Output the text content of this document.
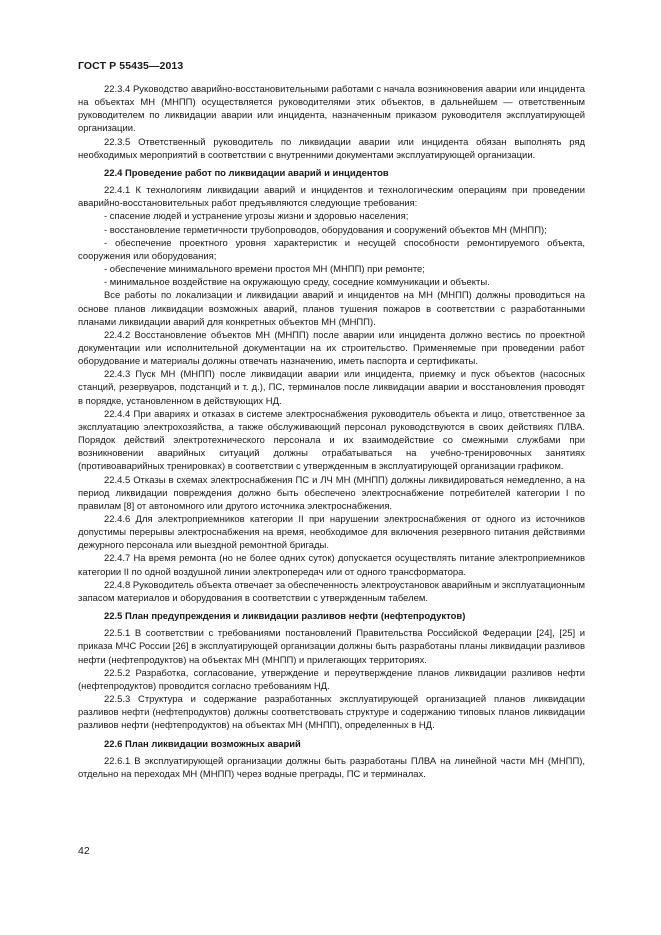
ГОСТ Р 55435—2013

22.3.4 Руководство аварийно-восстановительными работами с начала возникновения аварии или инцидента на объектах МН (МНПП) осуществляется руководителями этих объектов, в дальнейшем — ответственным руководителем по ликвидации аварии или инцидента, назначенным приказом руководителя эксплуатирующей организации.

22.3.5 Ответственный руководитель по ликвидации аварии или инцидента обязан выполнять ряд необходимых мероприятий в соответствии с внутренними документами эксплуатирующей организации.

22.4 Проведение работ по ликвидации аварий и инцидентов

22.4.1 К технологиям ликвидации аварий и инцидентов и технологическим операциям при проведении аварийно-восстановительных работ предъявляются следующие требования:

- спасение людей и устранение угрозы жизни и здоровью населения;

- восстановление герметичности трубопроводов, оборудования и сооружений объектов МН (МНПП);

- обеспечение проектного уровня характеристик и несущей способности ремонтируемого объекта, сооружения или оборудования;

- обеспечение минимального времени простоя МН (МНПП) при ремонте;

- минимальное воздействие на окружающую среду, соседние коммуникации и объекты.

Все работы по локализации и ликвидации аварий и инцидентов на МН (МНПП) должны проводиться на основе планов ликвидации возможных аварий, планов тушения пожаров в соответствии с разработанными планами ликвидации аварий для конкретных объектов МН (МНПП).

22.4.2 Восстановление объектов МН (МНПП) после аварии или инцидента должно вестись по проектной документации или исполнительной документации на их строительство. Применяемые при проведении работ оборудование и материалы должны отвечать назначению, иметь паспорта и сертификаты.

22.4.3 Пуск МН (МНПП) после ликвидации аварии или инцидента, приемку и пуск объектов (насосных станций, резервуаров, подстанций и т. д.), ПС, терминалов после ликвидации аварии и восстановления проводят в порядке, установленном в действующих НД.

22.4.4 При авариях и отказах в системе электроснабжения руководитель объекта и лицо, ответственное за эксплуатацию электрохозяйства, а также обслуживающий персонал руководствуются в своих действиях ПЛВА. Порядок действий электротехнического персонала и их взаимодействие со смежными службами при возникновении аварийных ситуаций должны отрабатываться на учебно-тренировочных занятиях (противоаварийных тренировках) в соответствии с утвержденным в эксплуатирующей организации графиком.

22.4.5 Отказы в схемах электроснабжения ПС и ЛЧ МН (МНПП) должны ликвидироваться немедленно, а на период ликвидации повреждения должно быть обеспечено электроснабжение потребителей категории I по правилам [8] от автономного или другого источника электроснабжения.

22.4.6 Для электроприемников категории II при нарушении электроснабжения от одного из источников допустимы перерывы электроснабжения на время, необходимое для включения резервного питания действиями дежурного персонала или выездной ремонтной бригады.

22.4.7 На время ремонта (но не более одних суток) допускается осуществлять питание электроприемников категории II по одной воздушной линии электропередач или от одного трансформатора.

22.4.8 Руководитель объекта отвечает за обеспеченность электроустановок аварийным и эксплуатационным запасом материалов и оборудования в соответствии с утвержденным табелем.

22.5 План предупреждения и ликвидации разливов нефти (нефтепродуктов)

22.5.1 В соответствии с требованиями постановлений Правительства Российской Федерации [24], [25] и приказа МЧС России [26] в эксплуатирующей организации должны быть разработаны планы ликвидации разливов нефти (нефтепродуктов) на объектах МН (МНПП) и прилегающих территориях.

22.5.2 Разработка, согласование, утверждение и переутверждение планов ликвидации разливов нефти (нефтепродуктов) проводится согласно требованиям НД.

22.5.3 Структура и содержание разработанных эксплуатирующей организацией планов ликвидации разливов нефти (нефтепродуктов) должны соответствовать структуре и содержанию типовых планов ликвидации разливов нефти (нефтепродуктов) на объектах МН (МНПП), определенных в НД.

22.6 План ликвидации возможных аварий

22.6.1 В эксплуатирующей организации должны быть разработаны ПЛВА на линейной части МН (МНПП), отдельно на переходах МН (МНПП) через водные преграды, ПС и терминалах.

42
